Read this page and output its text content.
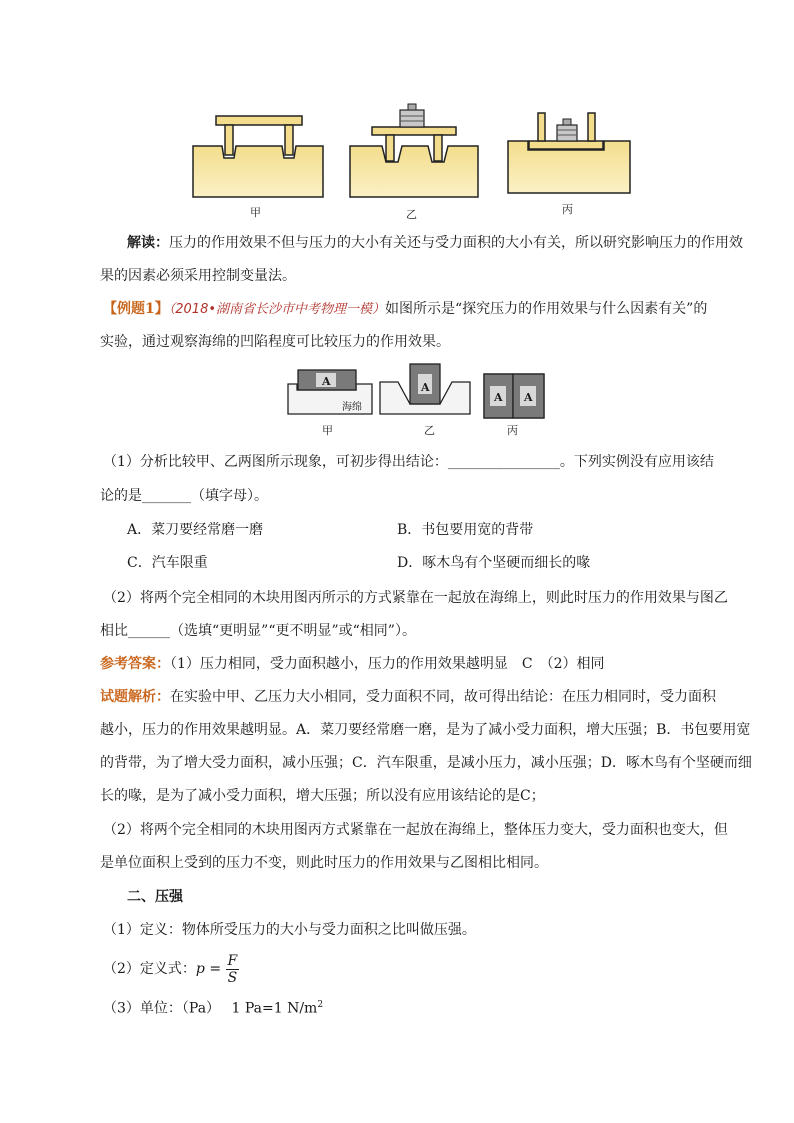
甲	乙	丙
解读：压力的作用效果不但与压力的大小有关还与受力面积的大小有关，所以研究影响压力的作用效
果的因素必须采用控制变量法。
【例题1】（2018•湖南省长沙市中考物理一模）如图所示是“探究压力的作用效果与什么因素有关”的
实验，通过观察海绵的凹陷程度可比较压力的作用效果。
A	A
A A
海绵
甲	乙	丙
（1）分析比较甲、乙两图所示现象，可初步得出结论：________________。下列实例没有应用该结
论的是_______（填字母）。
A．菜刀要经常磨一磨	B．书包要用宽的背带
C．汽车限重	D．啄木鸟有个坚硬而细长的喙
（2）将两个完全相同的木块用图丙所示的方式紧靠在一起放在海绵上，则此时压力的作用效果与图乙
相比______（选填“更明显”“更不明显”或“相同”）。
参考答案：（1）压力相同，受力面积越小，压力的作用效果越明显　C　（2）相同
试题解析：在实验中甲、乙压力大小相同，受力面积不同，故可得出结论：在压力相同时，受力面积
越小，压力的作用效果越明显。A．菜刀要经常磨一磨，是为了减小受力面积，增大压强；B．书包要用宽
的背带，为了增大受力面积，减小压强；C．汽车限重，是减小压力，减小压强；D．啄木鸟有个坚硬而细
长的喙，是为了减小受力面积，增大压强；所以没有应用该结论的是C；
（2）将两个完全相同的木块用图丙方式紧靠在一起放在海绵上，整体压力变大，受力面积也变大，但
是单位面积上受到的压力不变，则此时压力的作用效果与乙图相比相同。
二、压强
（1）定义：物体所受压力的大小与受力面积之比叫做压强。
（2）定义式：$p = \frac{F}{S}$
（3）单位：（Pa）　 1 Pa=1 $N/m^2$
